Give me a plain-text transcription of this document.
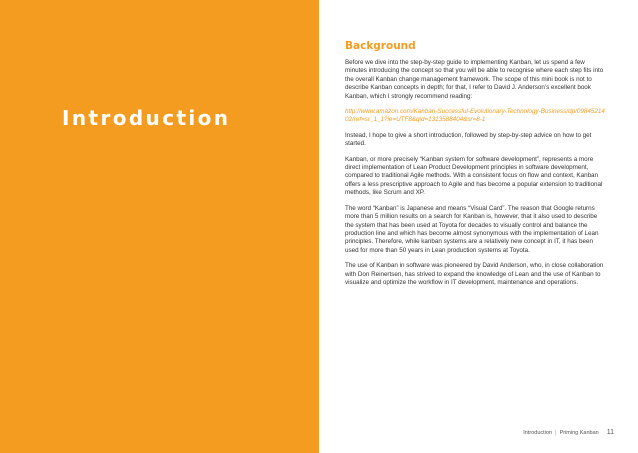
Introduction
Background

Before we dive into the step-by-step guide to implementing Kanban, let us spend a few minutes introducing the concept so that you will be able to recognise where each step fits into the overall Kanban change management framework. The scope of this mini book is not to describe Kanban concepts in depth; for that, I refer to David J. Anderson’s excellent book Kanban, which I strongly recommend reading:

http://www.amazon.com/Kanban-Successful-Evolutionary-Technology-Business/dp/0984521402/ref=sr_1_1?ie=UTF8&qid=1313588404&sr=8-1

Instead, I hope to give a short introduction, followed by step-by-step advice on how to get started.

Kanban, or more precisely “Kanban system for software development”, represents a more direct implementation of Lean Product Development principles in software development, compared to traditional Agile methods. With a consistent focus on flow and context, Kanban offers a less prescriptive approach to Agile and has become a popular extension to traditional methods, like Scrum and XP.

The word “Kanban” is Japanese and means “Visual Card”. The reason that Google returns more than 5 million results on a search for Kanban is, however, that it also used to describe the system that has been used at Toyota for decades to visually control and balance the production line and which has become almost synonymous with the implementation of Lean principles. Therefore, while kanban systems are a relatively new concept in IT, it has been used for more than 50 years in Lean production systems at Toyota.

The use of Kanban in software was pioneered by David Anderson, who, in close collaboration with Don Reinertsen, has strived to expand the knowledge of Lean and the use of Kanban to visualize and optimize the workflow in IT development, maintenance and operations.

Introduction | Priming Kanban 11
